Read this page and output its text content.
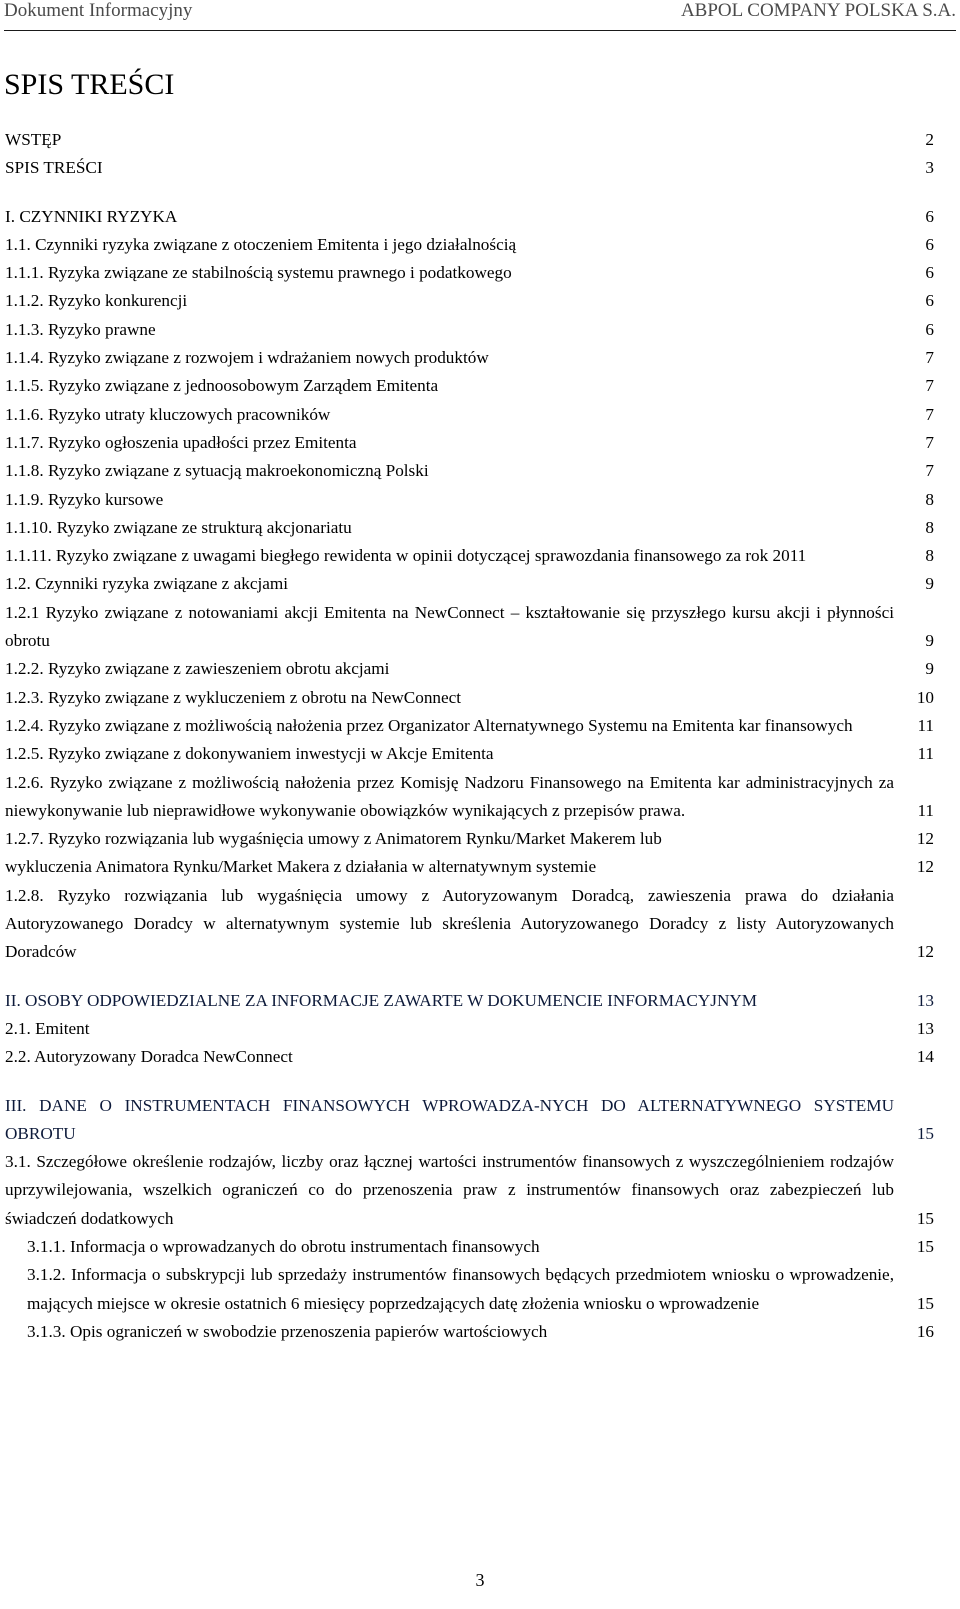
Dokument Informacyjny	ABPOL COMPANY POLSKA S.A.
SPIS TREŚCI
WSTĘP	2
SPIS TREŚCI	3
I. CZYNNIKI RYZYKA	6
1.1. Czynniki ryzyka związane z otoczeniem Emitenta i jego działalnością	6
1.1.1. Ryzyka związane ze stabilnością systemu prawnego i podatkowego	6
1.1.2. Ryzyko konkurencji	6
1.1.3. Ryzyko prawne	6
1.1.4. Ryzyko związane z rozwojem i wdrażaniem nowych produktów	7
1.1.5. Ryzyko związane z jednoosobowym Zarządem Emitenta	7
1.1.6. Ryzyko utraty kluczowych pracowników	7
1.1.7. Ryzyko ogłoszenia upadłości przez Emitenta	7
1.1.8. Ryzyko związane z sytuacją makroekonomiczną Polski	7
1.1.9. Ryzyko kursowe	8
1.1.10. Ryzyko związane ze strukturą akcjonariatu	8
1.1.11. Ryzyko związane z uwagami biegłego rewidenta w opinii dotyczącej sprawozdania finansowego za rok 2011	8
1.2. Czynniki ryzyka związane z akcjami	9
1.2.1 Ryzyko związane z notowaniami akcji Emitenta na NewConnect – kształtowanie się przyszłego kursu akcji i płynności obrotu	9
1.2.2. Ryzyko związane z zawieszeniem obrotu akcjami	9
1.2.3. Ryzyko związane z wykluczeniem z obrotu na NewConnect	10
1.2.4. Ryzyko związane z możliwością nałożenia przez Organizator Alternatywnego Systemu na Emitenta kar finansowych	11
1.2.5. Ryzyko związane z dokonywaniem inwestycji w Akcje Emitenta	11
1.2.6. Ryzyko związane z możliwością nałożenia przez Komisję Nadzoru Finansowego na Emitenta kar administracyjnych za niewykonywanie lub nieprawidłowe wykonywanie obowiązków wynikających z przepisów prawa.	11
1.2.7. Ryzyko rozwiązania lub wygaśnięcia umowy z Animatorem Rynku/Market Makerem lub	12
wykluczenia Animatora Rynku/Market Makera z działania w alternatywnym systemie	12
1.2.8. Ryzyko rozwiązania lub wygaśnięcia umowy z Autoryzowanym Doradcą, zawieszenia prawa do działania Autoryzowanego Doradcy w alternatywnym systemie lub skreślenia Autoryzowanego Doradcy z listy Autoryzowanych Doradców	12
II. OSOBY ODPOWIEDZIALNE ZA INFORMACJE ZAWARTE W DOKUMENCIE INFORMACYJNYM	13
2.1. Emitent	13
2.2. Autoryzowany Doradca NewConnect	14
III. DANE O INSTRUMENTACH FINANSOWYCH WPROWADZA-NYCH DO ALTERNATYWNEGO SYSTEMU OBROTU	15
3.1. Szczegółowe określenie rodzajów, liczby oraz łącznej wartości instrumentów finansowych z wyszczególnieniem rodzajów uprzywilejowania, wszelkich ograniczeń co do przenoszenia praw z instrumentów finansowych oraz zabezpieczeń lub świadczeń dodatkowych	15
3.1.1. Informacja o wprowadzanych do obrotu instrumentach finansowych	15
3.1.2. Informacja o subskrypcji lub sprzedaży instrumentów finansowych będących przedmiotem wniosku o wprowadzenie, mających miejsce w okresie ostatnich 6 miesięcy poprzedzających datę złożenia wniosku o wprowadzenie	15
3.1.3. Opis ograniczeń w swobodzie przenoszenia papierów wartościowych	16
3
